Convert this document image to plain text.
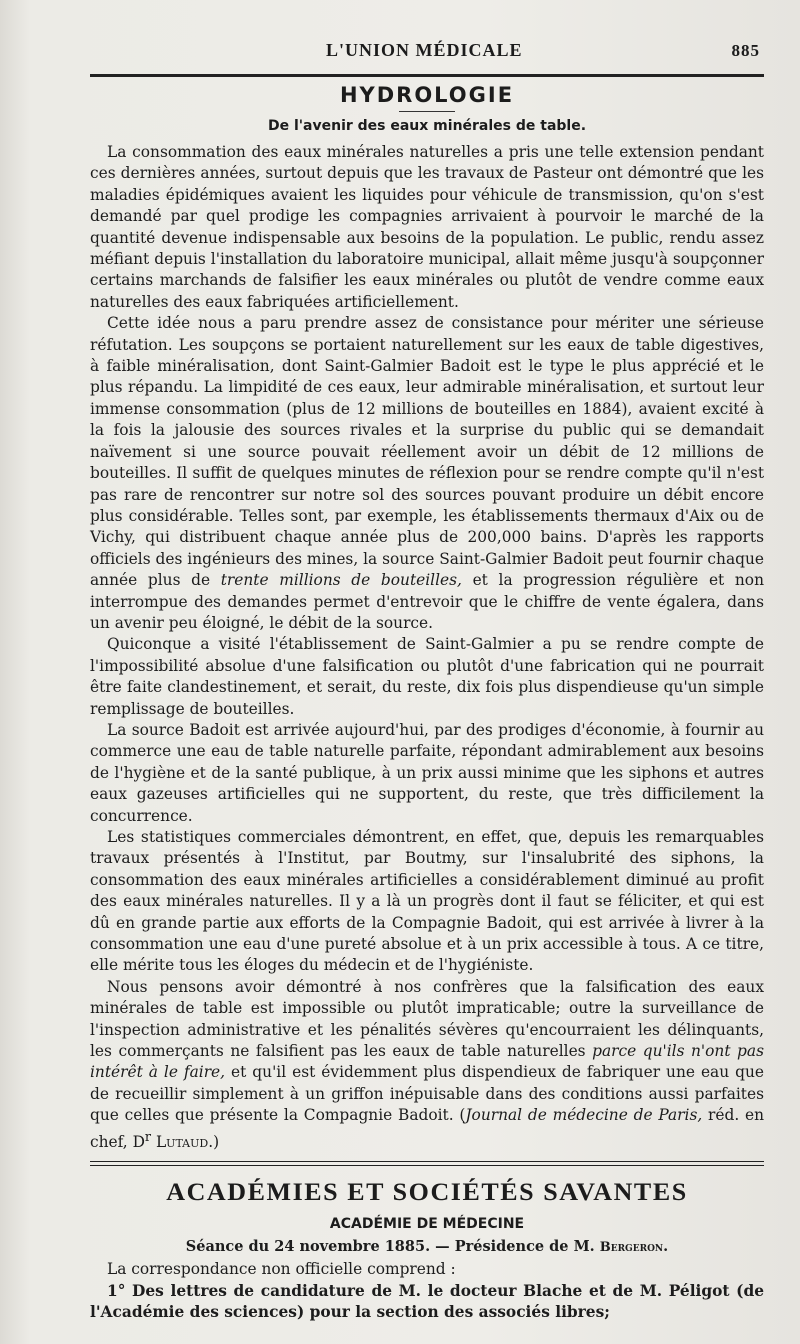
L'UNION MÉDICALE	885
HYDROLOGIE
De l'avenir des eaux minérales de table.

La consommation des eaux minérales naturelles a pris une telle extension pendant ces dernières années, surtout depuis que les travaux de Pasteur ont démontré que les maladies épidémiques avaient les liquides pour véhicule de transmission, qu'on s'est demandé par quel prodige les compagnies arrivaient à pourvoir le marché de la quantité devenue indispensable aux besoins de la population. Le public, rendu assez méfiant depuis l'installation du laboratoire municipal, allait même jusqu'à soupçonner certains marchands de falsifier les eaux minérales ou plutôt de vendre comme eaux naturelles des eaux fabriquées artificiellement.

Cette idée nous a paru prendre assez de consistance pour mériter une sérieuse réfutation. Les soupçons se portaient naturellement sur les eaux de table digestives, à faible minéralisation, dont Saint-Galmier Badoit est le type le plus apprécié et le plus répandu. La limpidité de ces eaux, leur admirable minéralisation, et surtout leur immense consommation (plus de 12 millions de bouteilles en 1884), avaient excité à la fois la jalousie des sources rivales et la surprise du public qui se demandait naïvement si une source pouvait réellement avoir un débit de 12 millions de bouteilles. Il suffit de quelques minutes de réflexion pour se rendre compte qu'il n'est pas rare de rencontrer sur notre sol des sources pouvant produire un débit encore plus considérable. Telles sont, par exemple, les établissements thermaux d'Aix ou de Vichy, qui distribuent chaque année plus de 200,000 bains. D'après les rapports officiels des ingénieurs des mines, la source Saint-Galmier Badoit peut fournir chaque année plus de trente millions de bouteilles, et la progression régulière et non interrompue des demandes permet d'entrevoir que le chiffre de vente égalera, dans un avenir peu éloigné, le débit de la source.

Quiconque a visité l'établissement de Saint-Galmier a pu se rendre compte de l'impossibilité absolue d'une falsification ou plutôt d'une fabrication qui ne pourrait être faite clandestinement, et serait, du reste, dix fois plus dispendieuse qu'un simple remplissage de bouteilles.

La source Badoit est arrivée aujourd'hui, par des prodiges d'économie, à fournir au commerce une eau de table naturelle parfaite, répondant admirablement aux besoins de l'hygiène et de la santé publique, à un prix aussi minime que les siphons et autres eaux gazeuses artificielles qui ne supportent, du reste, que très difficilement la concurrence.

Les statistiques commerciales démontrent, en effet, que, depuis les remarquables travaux présentés à l'Institut, par Boutmy, sur l'insalubrité des siphons, la consommation des eaux minérales artificielles a considérablement diminué au profit des eaux minérales naturelles. Il y a là un progrès dont il faut se féliciter, et qui est dû en grande partie aux efforts de la Compagnie Badoit, qui est arrivée à livrer à la consommation une eau d'une pureté absolue et à un prix accessible à tous. A ce titre, elle mérite tous les éloges du médecin et de l'hygiéniste.

Nous pensons avoir démontré à nos confrères que la falsification des eaux minérales de table est impossible ou plutôt impraticable; outre la surveillance de l'inspection administrative et les pénalités sévères qu'encourraient les délinquants, les commerçants ne falsifient pas les eaux de table naturelles parce qu'ils n'ont pas intérêt à le faire, et qu'il est évidemment plus dispendieux de fabriquer une eau que de recueillir simplement à un griffon inépuisable dans des conditions aussi parfaites que celles que présente la Compagnie Badoit. (Journal de médecine de Paris, réd. en chef, $D^r$ Lutaud.)

ACADÉMIES ET SOCIÉTÉS SAVANTES
ACADÉMIE DE MÉDECINE
Séance du 24 novembre 1885. — Présidence de M. Bergeron.

La correspondance non officielle comprend :

1° Des lettres de candidature de M. le docteur Blache et de M. Péligot (de l'Académie des sciences) pour la section des associés libres;
